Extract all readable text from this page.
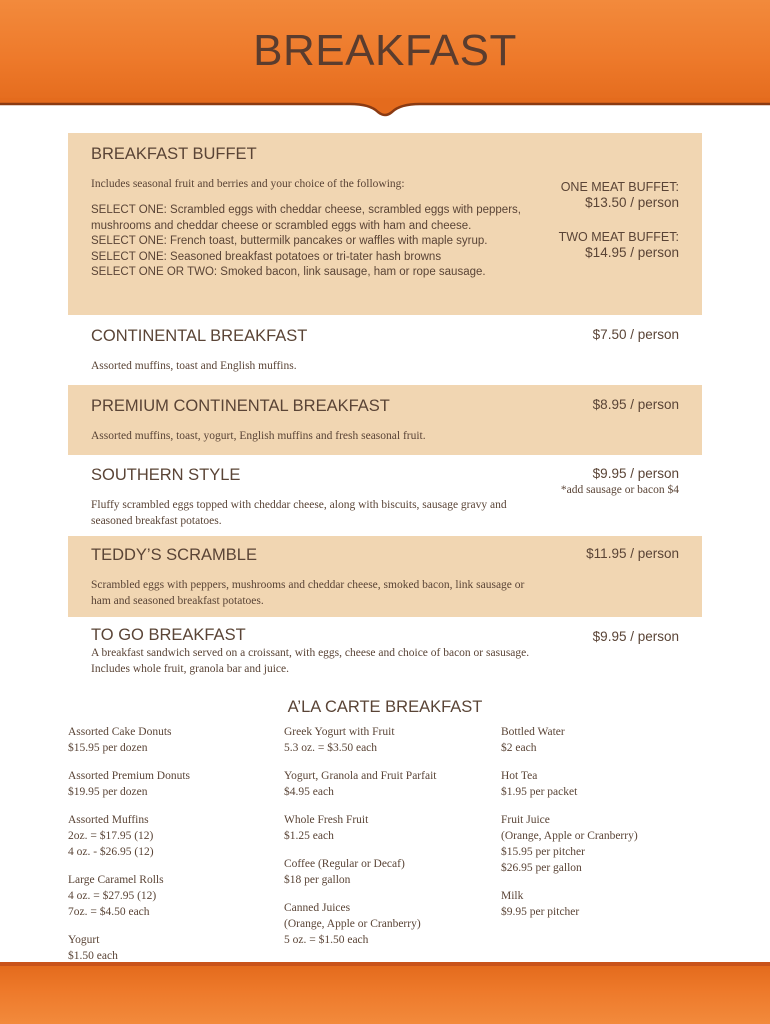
BREAKFAST
BREAKFAST BUFFET
Includes seasonal fruit and berries and your choice of the following:
SELECT ONE: Scrambled eggs with cheddar cheese, scrambled eggs with peppers,
mushrooms and cheddar cheese or scrambled eggs with ham and cheese.
SELECT ONE: French toast, buttermilk pancakes or waffles with maple syrup.
SELECT ONE: Seasoned breakfast potatoes or tri-tater hash browns
SELECT ONE OR TWO: Smoked bacon, link sausage, ham or rope sausage.
ONE MEAT BUFFET:
$13.50 / person
TWO MEAT BUFFET:
$14.95 / person
CONTINENTAL BREAKFAST	$7.50 / person
Assorted muffins, toast and English muffins.
PREMIUM CONTINENTAL BREAKFAST	$8.95 / person
Assorted muffins, toast, yogurt, English muffins and fresh seasonal fruit.
SOUTHERN STYLE	$9.95 / person
*add sausage or bacon $4
Fluffy scrambled eggs topped with cheddar cheese, along with biscuits, sausage gravy and seasoned breakfast potatoes.
TEDDY’S SCRAMBLE	$11.95 / person
Scrambled eggs with peppers, mushrooms and cheddar cheese, smoked bacon, link sausage or ham and seasoned breakfast potatoes.
TO GO BREAKFAST	$9.95 / person
A breakfast sandwich served on a croissant, with eggs, cheese and choice of bacon or sasusage. Includes whole fruit, granola bar and juice.
A’LA CARTE BREAKFAST
Assorted Cake Donuts
$15.95 per dozen
Assorted Premium Donuts
$19.95 per dozen
Assorted Muffins
2oz. = $17.95 (12)
4 oz. - $26.95 (12)
Large Caramel Rolls
4 oz. = $27.95 (12)
7oz. = $4.50 each
Yogurt
$1.50 each
Greek Yogurt with Fruit
5.3 oz. = $3.50 each
Yogurt, Granola and Fruit Parfait
$4.95 each
Whole Fresh Fruit
$1.25 each
Coffee (Regular or Decaf)
$18 per gallon
Canned Juices
(Orange, Apple or Cranberry)
5 oz. = $1.50 each
Bottled Water
$2 each
Hot Tea
$1.95 per packet
Fruit Juice
(Orange, Apple or Cranberry)
$15.95 per pitcher
$26.95 per gallon
Milk
$9.95 per pitcher
